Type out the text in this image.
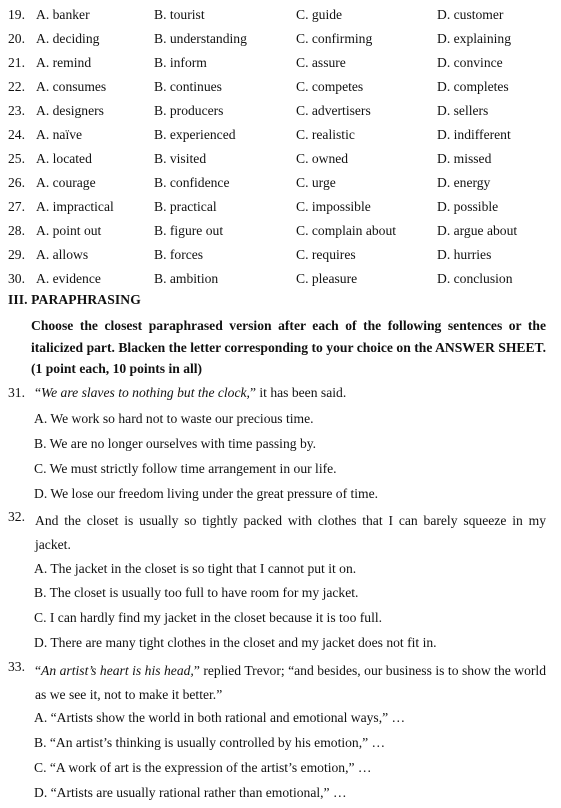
19. A. banker	B. tourist	C. guide	D. customer
20. A. deciding	B. understanding	C. confirming	D. explaining
21. A. remind	B. inform	C. assure	D. convince
22. A. consumes	B. continues	C. competes	D. completes
23. A. designers	B. producers	C. advertisers	D. sellers
24. A. naïve	B. experienced	C. realistic	D. indifferent
25. A. located	B. visited	C. owned	D. missed
26. A. courage	B. confidence	C. urge	D. energy
27. A. impractical	B. practical	C. impossible	D. possible
28. A. point out	B. figure out	C. complain about	D. argue about
29. A. allows	B. forces	C. requires	D. hurries
30. A. evidence	B. ambition	C. pleasure	D. conclusion
III. PARAPHRASING
Choose the closest paraphrased version after each of the following sentences or the italicized part. Blacken the letter corresponding to your choice on the ANSWER SHEET. (1 point each, 10 points in all)
31. “We are slaves to nothing but the clock,” it has been said.
A. We work so hard not to waste our precious time.
B. We are no longer ourselves with time passing by.
C. We must strictly follow time arrangement in our life.
D. We lose our freedom living under the great pressure of time.
32. And the closet is usually so tightly packed with clothes that I can barely squeeze in my jacket.
A. The jacket in the closet is so tight that I cannot put it on.
B. The closet is usually too full to have room for my jacket.
C. I can hardly find my jacket in the closet because it is too full.
D. There are many tight clothes in the closet and my jacket does not fit in.
33. “An artist’s heart is his head,” replied Trevor; “and besides, our business is to show the world as we see it, not to make it better.”
A. “Artists show the world in both rational and emotional ways,” …
B. “An artist’s thinking is usually controlled by his emotion,” …
C. “A work of art is the expression of the artist’s emotion,” …
D. “Artists are usually rational rather than emotional,” …
